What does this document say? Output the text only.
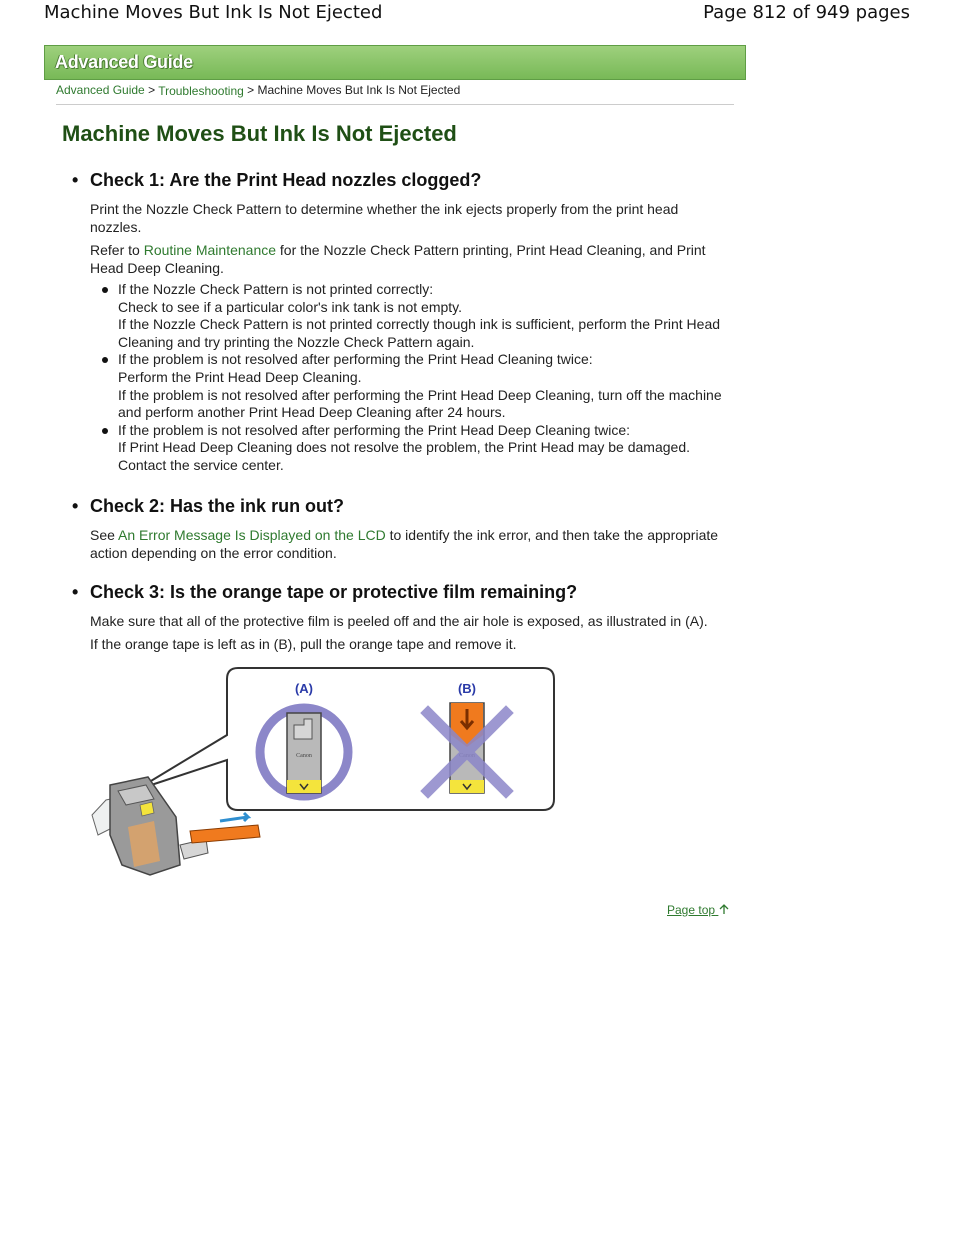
Machine Moves But Ink Is Not Ejected	Page 812 of 949 pages
Advanced Guide
Advanced Guide > Troubleshooting > Machine Moves But Ink Is Not Ejected
Machine Moves But Ink Is Not Ejected
• Check 1: Are the Print Head nozzles clogged?

Print the Nozzle Check Pattern to determine whether the ink ejects properly from the print head nozzles.

Refer to Routine Maintenance for the Nozzle Check Pattern printing, Print Head Cleaning, and Print Head Deep Cleaning.

If the Nozzle Check Pattern is not printed correctly:
Check to see if a particular color's ink tank is not empty.
If the Nozzle Check Pattern is not printed correctly though ink is sufficient, perform the Print Head Cleaning and try printing the Nozzle Check Pattern again.
If the problem is not resolved after performing the Print Head Cleaning twice:
Perform the Print Head Deep Cleaning.
If the problem is not resolved after performing the Print Head Deep Cleaning, turn off the machine and perform another Print Head Deep Cleaning after 24 hours.
If the problem is not resolved after performing the Print Head Deep Cleaning twice:
If Print Head Deep Cleaning does not resolve the problem, the Print Head may be damaged.
Contact the service center.
• Check 2: Has the ink run out?

See An Error Message Is Displayed on the LCD to identify the ink error, and then take the appropriate action depending on the error condition.

• Check 3: Is the orange tape or protective film remaining?

Make sure that all of the protective film is peeled off and the air hole is exposed, as illustrated in (A).

If the orange tape is left as in (B), pull the orange tape and remove it.

(A)
Canon
(B)
Page top
